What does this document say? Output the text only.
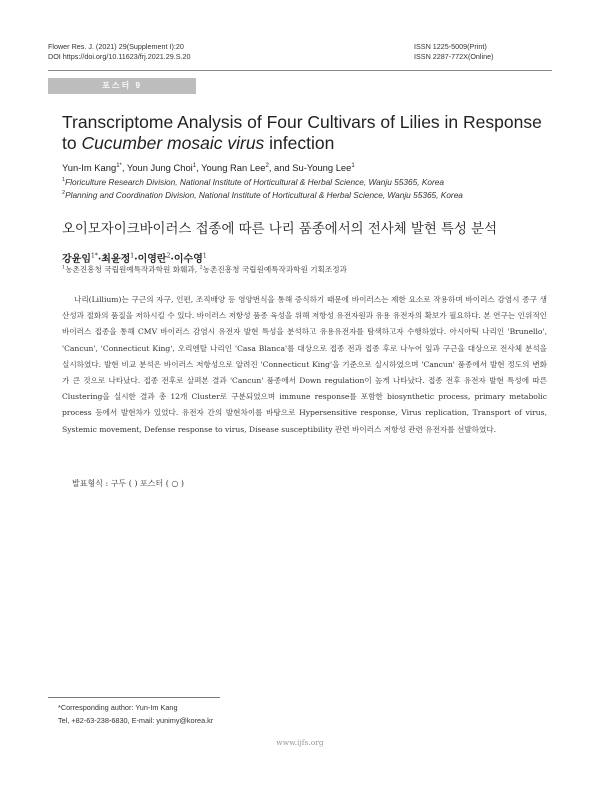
Flower Res. J. (2021) 29(Supplement I):20
DOI https://doi.org/10.11623/frj.2021.29.S.20
ISSN 1225-5009(Print)
ISSN 2287-772X(Online)
포스터 9
Transcriptome Analysis of Four Cultivars of Lilies in Response
to Cucumber mosaic virus infection
Yun-Im Kang$^{1*}$, Youn Jung Choi$^1$, Young Ran Lee$^2$, and Su-Young Lee$^1$
$^1$Floriculture Research Division, National Institute of Horticultural & Herbal Science, Wanju 55365, Korea
$^2$Planning and Coordination Division, National Institute of Horticultural & Herbal Science, Wanju 55365, Korea
오이모자이크바이러스 접종에 따른 나리 품종에서의 전사체 발현 특성 분석
강윤임$^{1*}$·최윤정$^1$·이영란$^2$·이수영$^1$
$^1$농촌진흥청 국립원예특작과학원 화훼과, $^2$농촌진흥청 국립원예특작과학원 기획조정과

나리(Lillium)는 구근의 자구, 인편, 조직배양 등 영양번식을 통해 증식하기 때문에 바이러스는 제한 요소로 작용하며 바이러스 감염시 종구 생산성과 절화의 품질을 저하시킬 수 있다. 바이러스 저항성 품종 육성을 위해 저항성 유전자원과 유용 유전자의 확보가 필요하다. 본 연구는 인위적인 바이러스 접종을 통해 CMV 바이러스 감염시 유전자 발현 특성을 분석하고 유용유전자를 탐색하고자 수행하였다. 아시아틱 나리인 'Brunello', 'Cancun', 'Connecticut King', 오리엔탈 나리인 'Casa Blanca'를 대상으로 접종 전과 접종 후로 나누어 잎과 구근을 대상으로 전사체 분석을 실시하였다. 발현 비교 분석은 바이러스 저항성으로 알려진 'Connecticut King'을 기준으로 실시하였으며 'Cancun' 품종에서 발현 정도의 변화가 큰 것으로 나타났다. 접종 전후로 살펴본 결과 'Cancun' 품종에서 Down regulation이 높게 나타났다. 접종 전후 유전자 발현 특성에 따른 Clustering을 실시한 결과 총 12개 Cluster로 구분되었으며 immune response를 포함한 biosynthetic process, primary metabolic process 등에서 발현차가 있었다. 유전자 간의 발현차이를 바탕으로 Hypersensitive response, Virus replication, Transport of virus, Systemic movement, Defense response to virus, Disease susceptibility 관련 바이러스 저항성 관련 유전자를 선발하였다.

발표형식 : 구두 ( ) 포스터 ( ○ )
*Corresponding author: Yun-Im Kang
Tel, +82-63-238-6830, E-mail: yunimy@korea.kr
www.ijfs.org
